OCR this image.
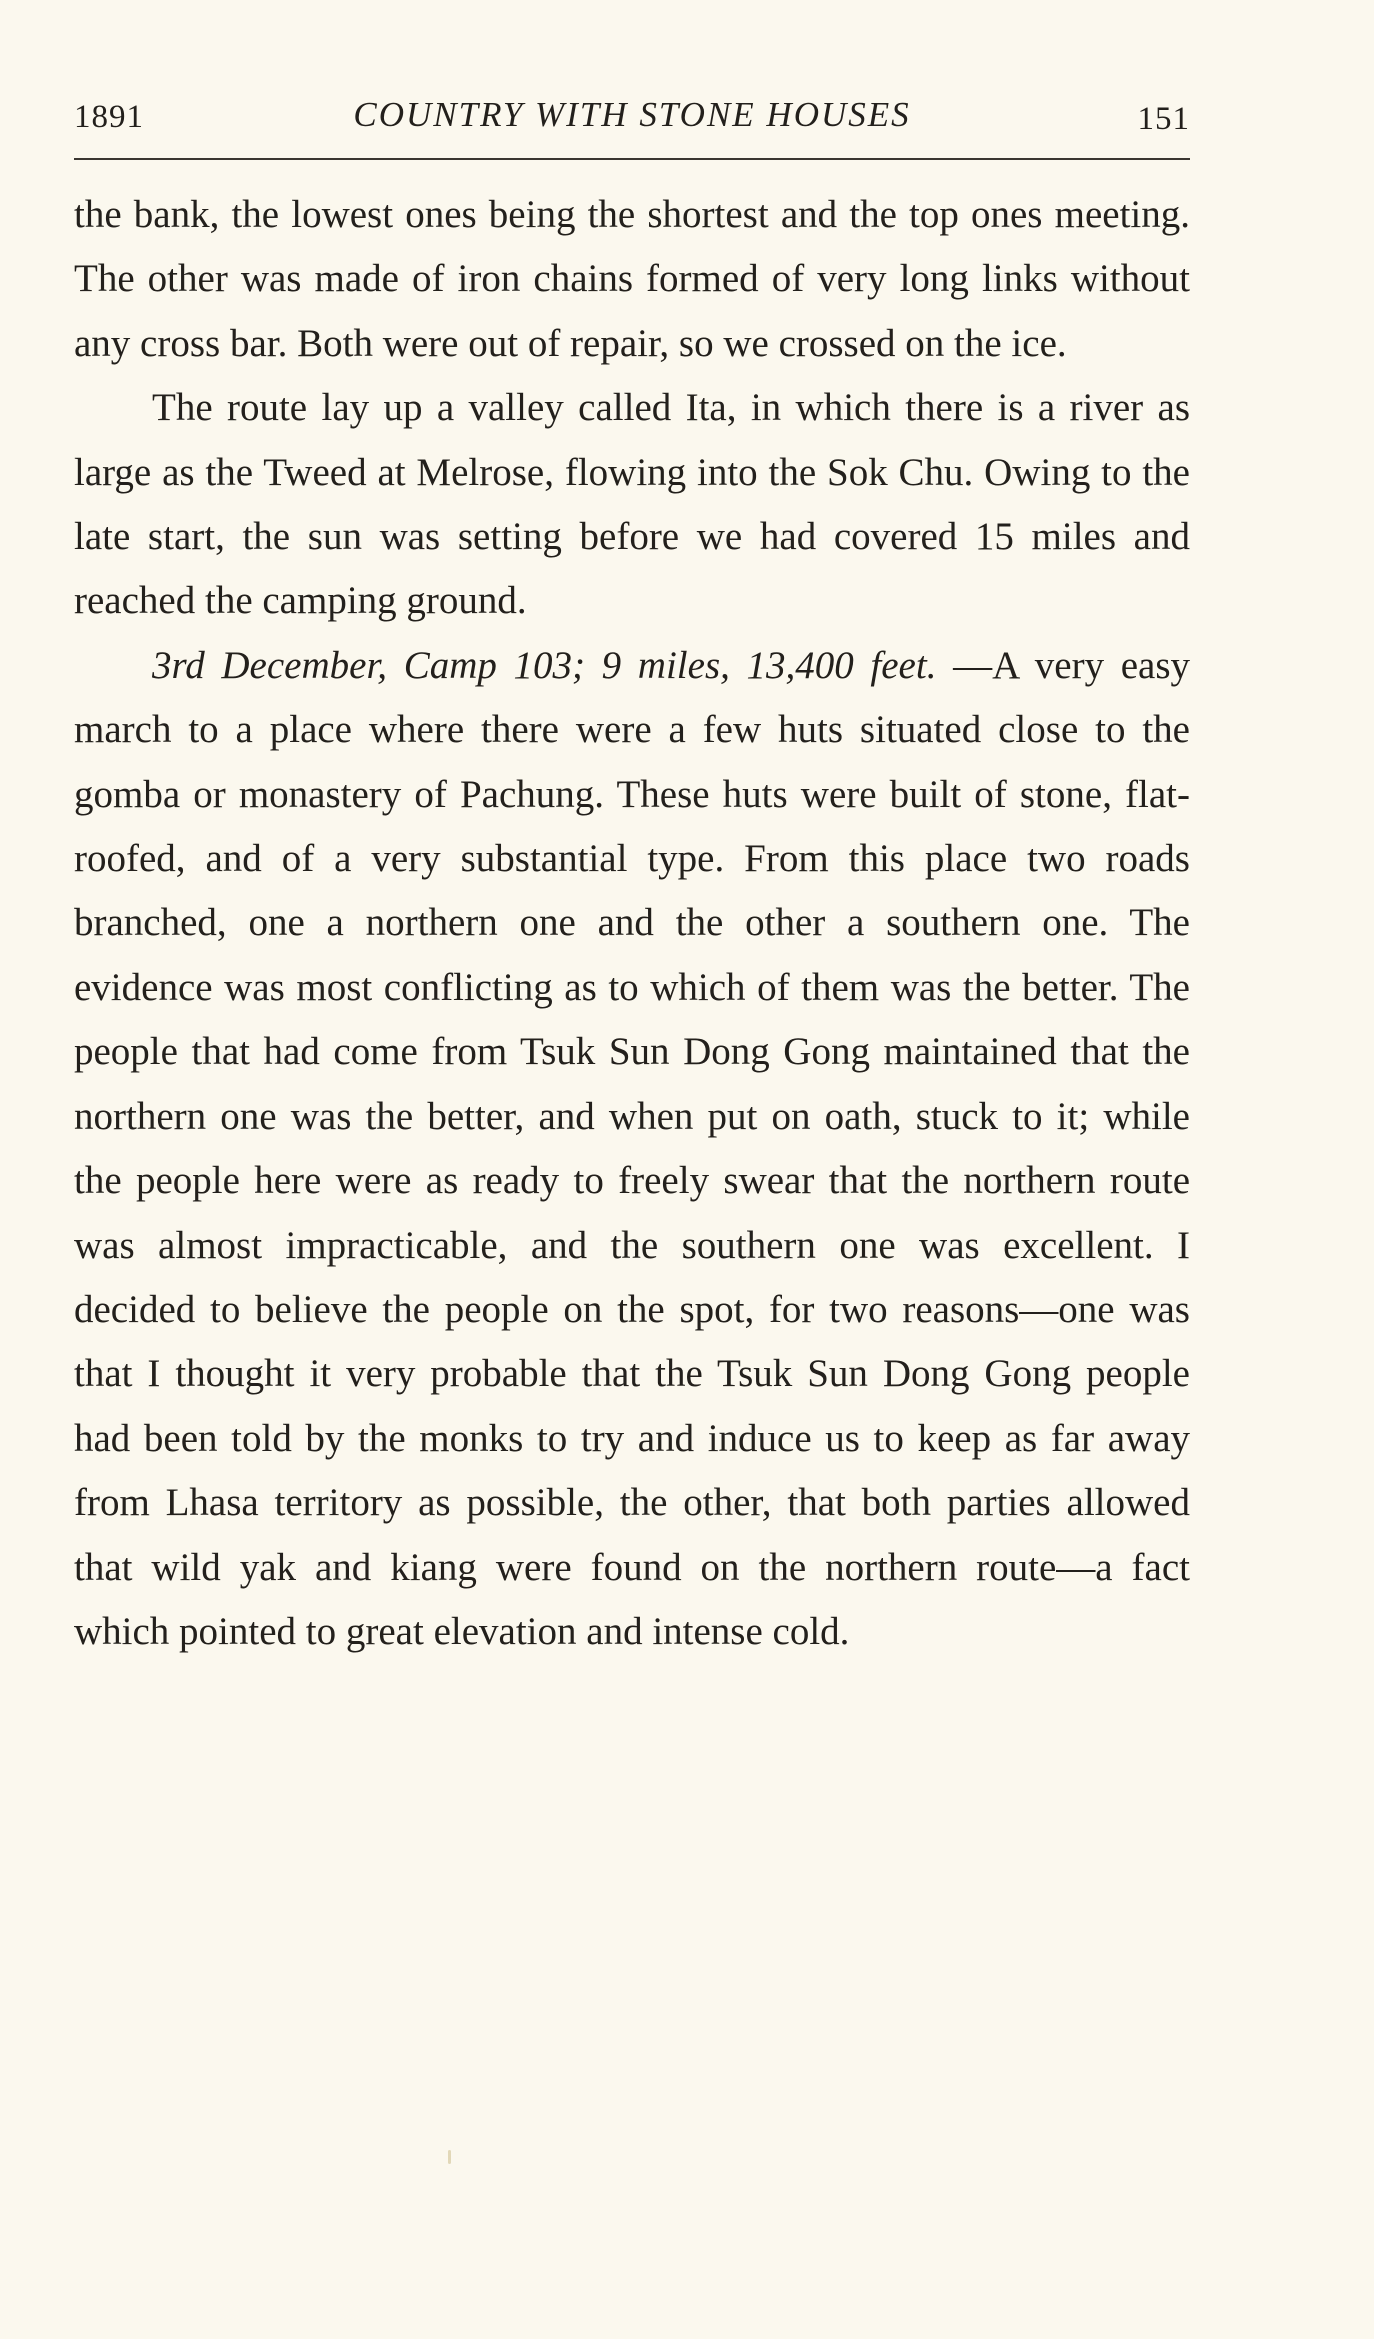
1891	COUNTRY WITH STONE HOUSES	151

the bank, the lowest ones being the shortest and the top ones meeting. The other was made of iron chains formed of very long links without any cross bar. Both were out of repair, so we crossed on the ice.

The route lay up a valley called Ita, in which there is a river as large as the Tweed at Melrose, flowing into the Sok Chu. Owing to the late start, the sun was setting before we had covered 15 miles and reached the camping ground.

3rd December, Camp 103; 9 miles, 13,400 feet. —A very easy march to a place where there were a few huts situated close to the gomba or monastery of Pachung. These huts were built of stone, flat-roofed, and of a very substantial type. From this place two roads branched, one a northern one and the other a southern one. The evidence was most conflicting as to which of them was the better. The people that had come from Tsuk Sun Dong Gong maintained that the northern one was the better, and when put on oath, stuck to it; while the people here were as ready to freely swear that the northern route was almost impracticable, and the southern one was excellent. I decided to believe the people on the spot, for two reasons—one was that I thought it very probable that the Tsuk Sun Dong Gong people had been told by the monks to try and induce us to keep as far away from Lhasa territory as possible, the other, that both parties allowed that wild yak and kiang were found on the northern route—a fact which pointed to great elevation and intense cold.
